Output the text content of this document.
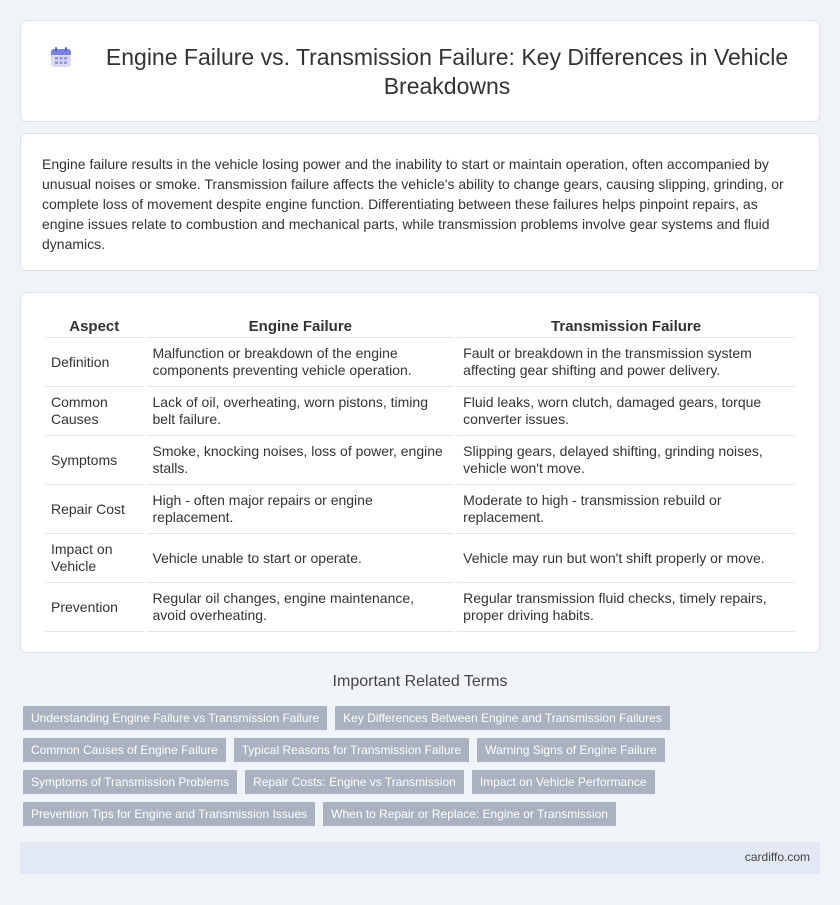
Engine Failure vs. Transmission Failure: Key Differences in Vehicle Breakdowns

Engine failure results in the vehicle losing power and the inability to start or maintain operation, often accompanied by unusual noises or smoke. Transmission failure affects the vehicle's ability to change gears, causing slipping, grinding, or complete loss of movement despite engine function. Differentiating between these failures helps pinpoint repairs, as engine issues relate to combustion and mechanical parts, while transmission problems involve gear systems and fluid dynamics.

Aspect	Engine Failure	Transmission Failure
Definition	Malfunction or breakdown of the engine components preventing vehicle operation.	Fault or breakdown in the transmission system affecting gear shifting and power delivery.
Common Causes	Lack of oil, overheating, worn pistons, timing belt failure.	Fluid leaks, worn clutch, damaged gears, torque converter issues.
Symptoms	Smoke, knocking noises, loss of power, engine stalls.	Slipping gears, delayed shifting, grinding noises, vehicle won't move.
Repair Cost	High - often major repairs or engine replacement.	Moderate to high - transmission rebuild or replacement.
Impact on Vehicle	Vehicle unable to start or operate.	Vehicle may run but won't shift properly or move.
Prevention	Regular oil changes, engine maintenance, avoid overheating.	Regular transmission fluid checks, timely repairs, proper driving habits.
Important Related Terms
Understanding Engine Failure vs Transmission Failure	Key Differences Between Engine and Transmission Failures
Common Causes of Engine Failure	Typical Reasons for Transmission Failure	Warning Signs of Engine Failure
Symptoms of Transmission Problems	Repair Costs: Engine vs Transmission	Impact on Vehicle Performance
Prevention Tips for Engine and Transmission Issues	When to Repair or Replace: Engine or Transmission
cardiffo.com
